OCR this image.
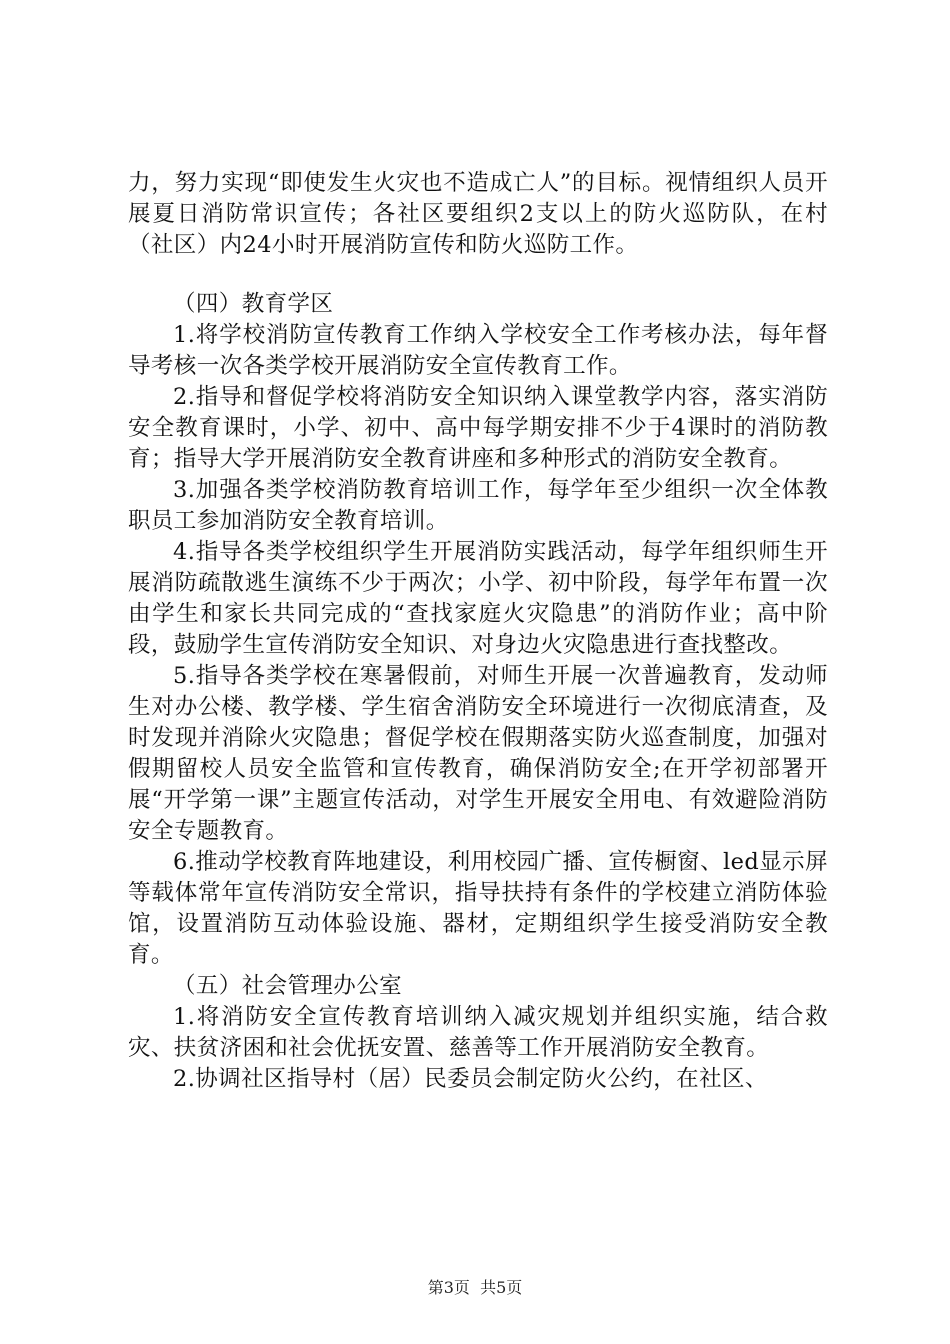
力，努力实现“即使发生火灾也不造成亡人”的目标。视情组织人员开展夏日消防常识宣传；各社区要组织2支以上的防火巡防队，在村（社区）内24小时开展消防宣传和防火巡防工作。

（四）教育学区

1.将学校消防宣传教育工作纳入学校安全工作考核办法，每年督导考核一次各类学校开展消防安全宣传教育工作。

2.指导和督促学校将消防安全知识纳入课堂教学内容，落实消防安全教育课时，小学、初中、高中每学期安排不少于4课时的消防教育；指导大学开展消防安全教育讲座和多种形式的消防安全教育。

3.加强各类学校消防教育培训工作，每学年至少组织一次全体教职员工参加消防安全教育培训。

4.指导各类学校组织学生开展消防实践活动，每学年组织师生开展消防疏散逃生演练不少于两次；小学、初中阶段，每学年布置一次由学生和家长共同完成的“查找家庭火灾隐患”的消防作业；高中阶段，鼓励学生宣传消防安全知识、对身边火灾隐患进行查找整改。

5.指导各类学校在寒暑假前，对师生开展一次普遍教育，发动师生对办公楼、教学楼、学生宿舍消防安全环境进行一次彻底清查，及时发现并消除火灾隐患；督促学校在假期落实防火巡查制度，加强对假期留校人员安全监管和宣传教育，确保消防安全;在开学初部署开展“开学第一课”主题宣传活动，对学生开展安全用电、有效避险消防安全专题教育。

6.推动学校教育阵地建设，利用校园广播、宣传橱窗、led显示屏等载体常年宣传消防安全常识，指导扶持有条件的学校建立消防体验馆，设置消防互动体验设施、器材，定期组织学生接受消防安全教育。

（五）社会管理办公室

1.将消防安全宣传教育培训纳入减灾规划并组织实施，结合救灾、扶贫济困和社会优抚安置、慈善等工作开展消防安全教育。

2.协调社区指导村（居）民委员会制定防火公约，在社区、

第3页  共5页
